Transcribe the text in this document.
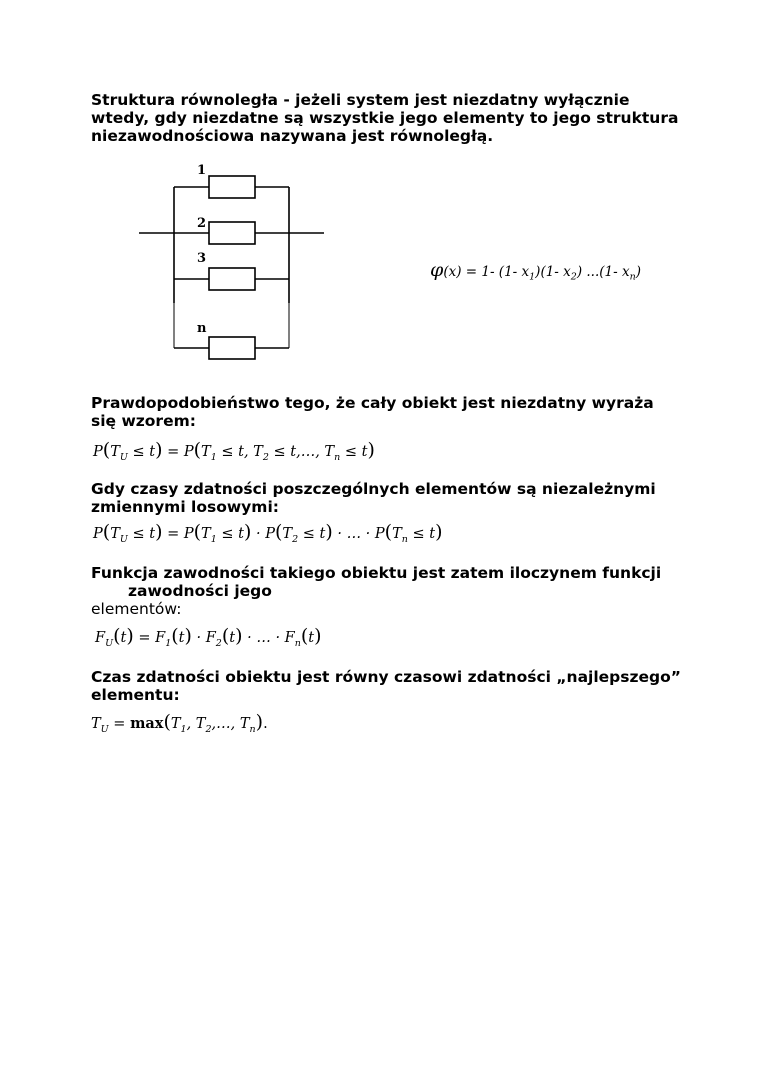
Struktura równoległa - jeżeli system jest niezdatny wyłącznie wtedy, gdy niezdatne są wszystkie jego elementy to jego struktura niezawodnościowa nazywana jest równoległą.

1
2
3
n
φ(x) = 1- (1- $x_1)(1-$ $x_2$) ...(1- $x_n$)

Prawdopodobieństwo tego, że cały obiekt jest niezdatny wyraża się wzorem:

$P(T_U \le t) = P(T_1 \le t$, $T_2$ ≤ t,…, $T_n \le t$)

Gdy czasy zdatności poszczególnych elementów są niezależnymi zmiennymi losowymi:

$P(T_U \le t) = P(T_1 \le t) \cdot P(T_2 \le t)$ · … · $P(T_n \le t)$

Funkcja zawodności takiego obiektu jest zatem iloczynem funkcji

zawodności jego

elementów:

$F_U(t) = F_1(t) \cdot F_2(t)$ · … · $F_n(t)$

Czas zdatności obiektu jest równy czasowi zdatności „najlepszego” elementu:

$T_U = \max(T_1$, $T_2,\dots$, $T_n$).
